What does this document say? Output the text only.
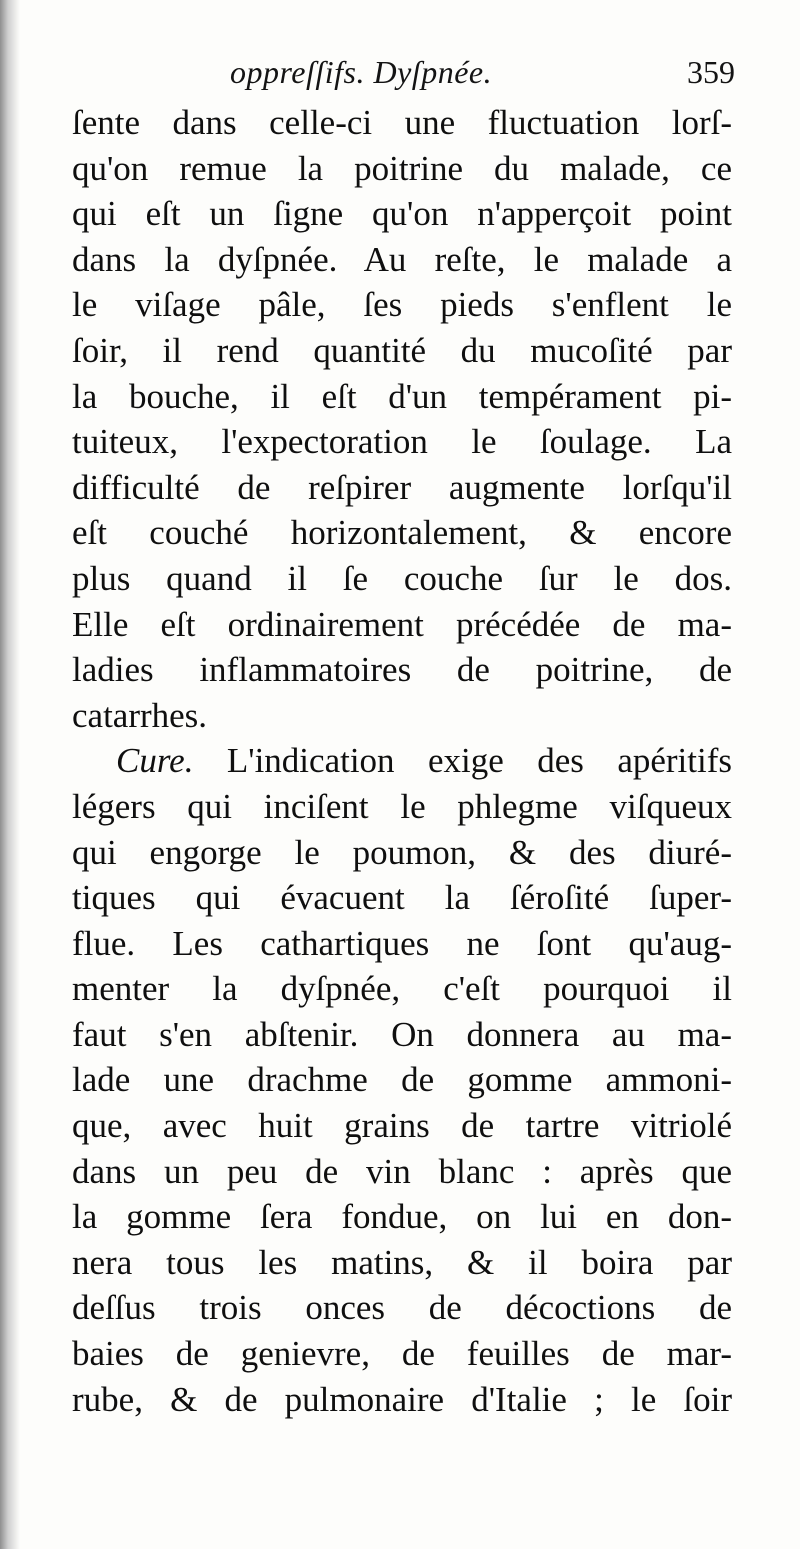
oppreſſifs. Dyſpnée.	359
ſente dans celle-ci une fluctuation lorſ-
qu'on remue la poitrine du malade, ce
qui eſt un ſigne qu'on n'apperçoit point
dans la dyſpnée. Au reſte, le malade a
le viſage pâle, ſes pieds s'enflent le
ſoir, il rend quantité du mucoſité par
la bouche, il eſt d'un tempérament pi-
tuiteux, l'expectoration le ſoulage. La
difficulté de reſpirer augmente lorſqu'il
eſt couché horizontalement, & encore
plus quand il ſe couche ſur le dos.
Elle eſt ordinairement précédée de ma-
ladies inflammatoires de poitrine, de
catarrhes.
Cure. L'indication exige des apéritifs
légers qui inciſent le phlegme viſqueux
qui engorge le poumon, & des diuré-
tiques qui évacuent la ſéroſité ſuper-
flue. Les cathartiques ne ſont qu'aug-
menter la dyſpnée, c'eſt pourquoi il
faut s'en abſtenir. On donnera au ma-
lade une drachme de gomme ammoni-
que, avec huit grains de tartre vitriolé
dans un peu de vin blanc : après que
la gomme ſera fondue, on lui en don-
nera tous les matins, & il boira par
deſſus trois onces de décoctions de
baies de genievre, de feuilles de mar-
rube, & de pulmonaire d'Italie ; le ſoir
